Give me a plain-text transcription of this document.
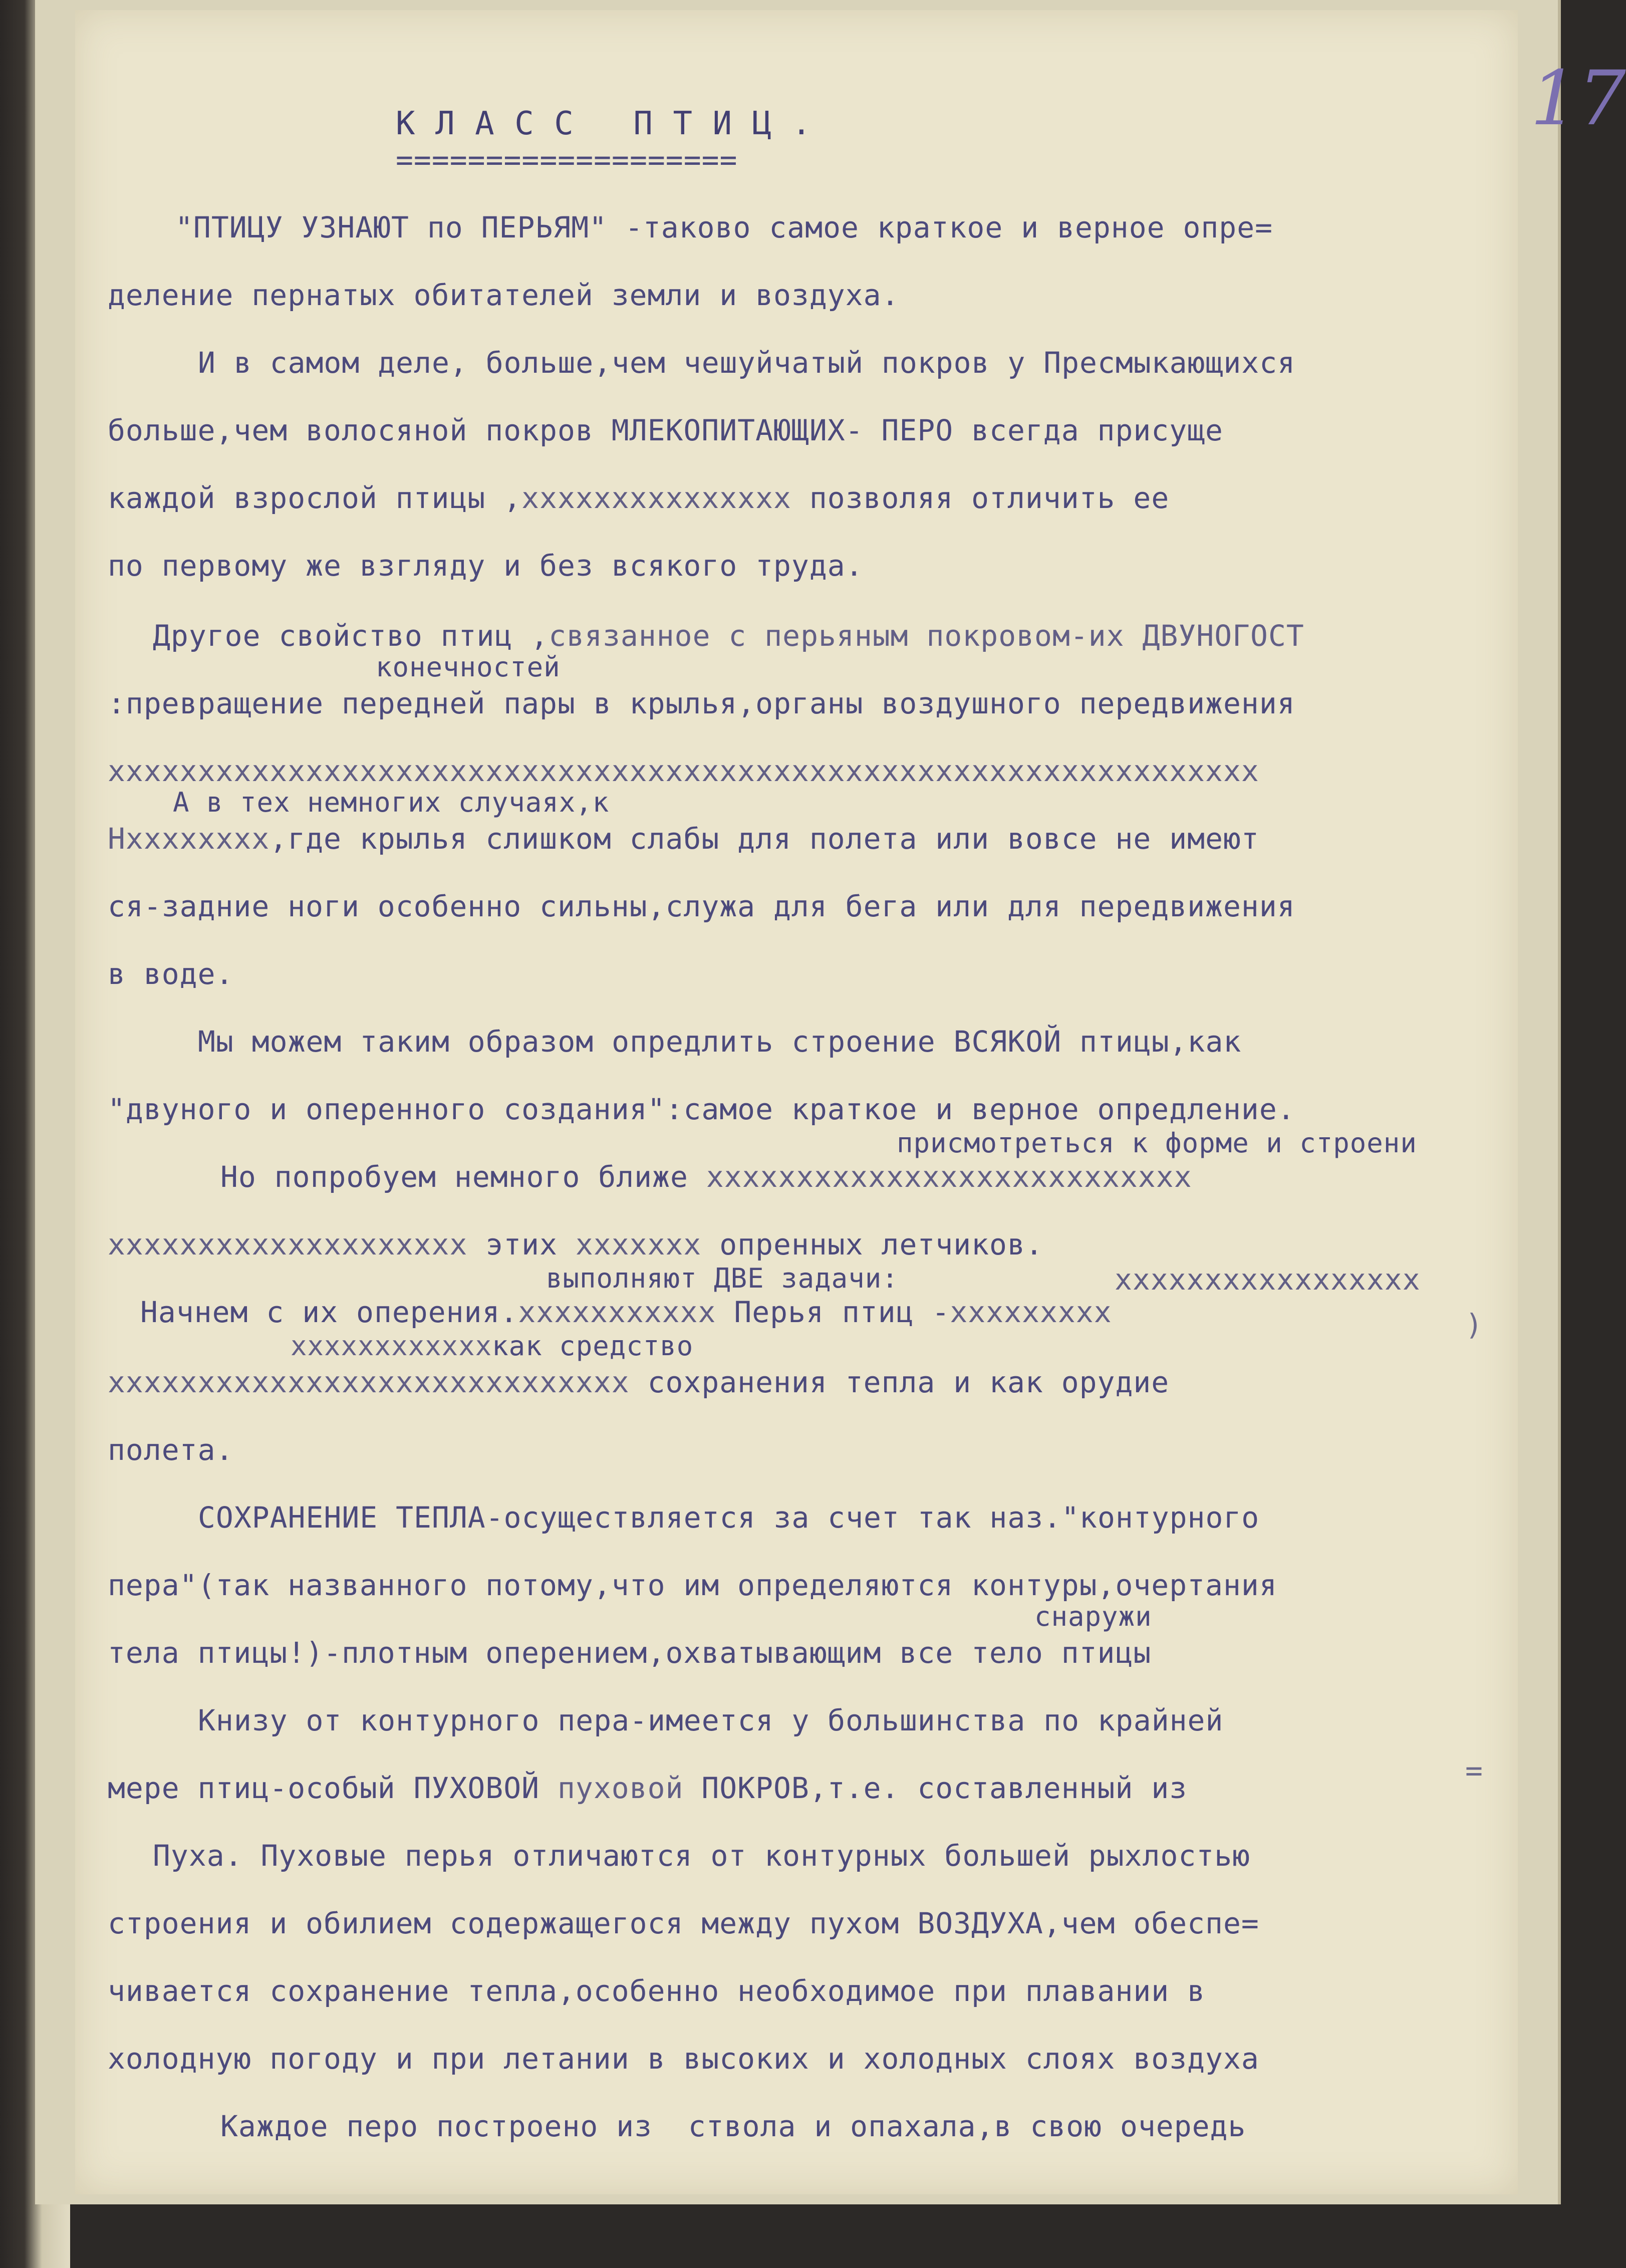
17
К Л А С С   П Т И Ц .
===================
"ПТИЦУ УЗНАЮТ по ПЕРЬЯМ" -таково самое краткое и верное опре=
деление пернатых обитателей земли и воздуха.
И в самом деле, больше,чем чешуйчатый покров у Пресмыкающихся
больше,чем волосяной покров МЛЕКОПИТАЮЩИХ- ПЕРО всегда присуще
каждой взрослой птицы ,ххххххххххххххх позволяя отличить ее
по первому же взгляду и без всякого труда.
Другое свойство птиц ,связанное с перьяным покровом-их ДВУНОГОСТ
конечностей
:превращение передней пары в крылья,органы воздушного передвижения
хххххххххххххххххххххххххххххххххххххххххххххххххххххххххххххххх
А в тех немногих случаях,к
Нхххххххх,где крылья слишком слабы для полета или вовсе не имеют
ся-задние ноги особенно сильны,служа для бега или для передвижения
в воде.
Мы можем таким образом опредлить строение ВСЯКОЙ птицы,как
"двуного и оперенного создания":самое краткое и верное опредление.
присмотреться к форме и строени
Но попробуем немного ближе ххххххххххххххххххххххххххх
хххххххххххххххххххх этих ххххххх опренных летчиков.
выполняют ДВЕ задачи:	ххххххххххххххххх
Начнем с их оперения.ххххххххххх Перья птиц -ххххххххх
ххххххххххххкак средство
ххххххххххххххххххххххххххххх сохранения тепла и как орудие
полета.
СОХРАНЕНИЕ ТЕПЛА-осуществляется за счет так наз."контурного
пера"(так названного потому,что им определяются контуры,очертания
снаружи
тела птицы!)-плотным оперением,охватывающим все тело птицы
Книзу от контурного пера-имеется у большинства по крайней
мере птиц-особый ПУХОВОЙ пуховой ПОКРОВ,т.е. составленный из
Пуха. Пуховые перья отличаются от контурных большей рыхлостью
строения и обилием содержащегося между пухом ВОЗДУХА,чем обеспе=
чивается сохранение тепла,особенно необходимое при плавании в
холодную погоду и при летании в высоких и холодных слоях воздуха
Каждое перо построено из  ствола и опахала,в свою очередь
)
=
